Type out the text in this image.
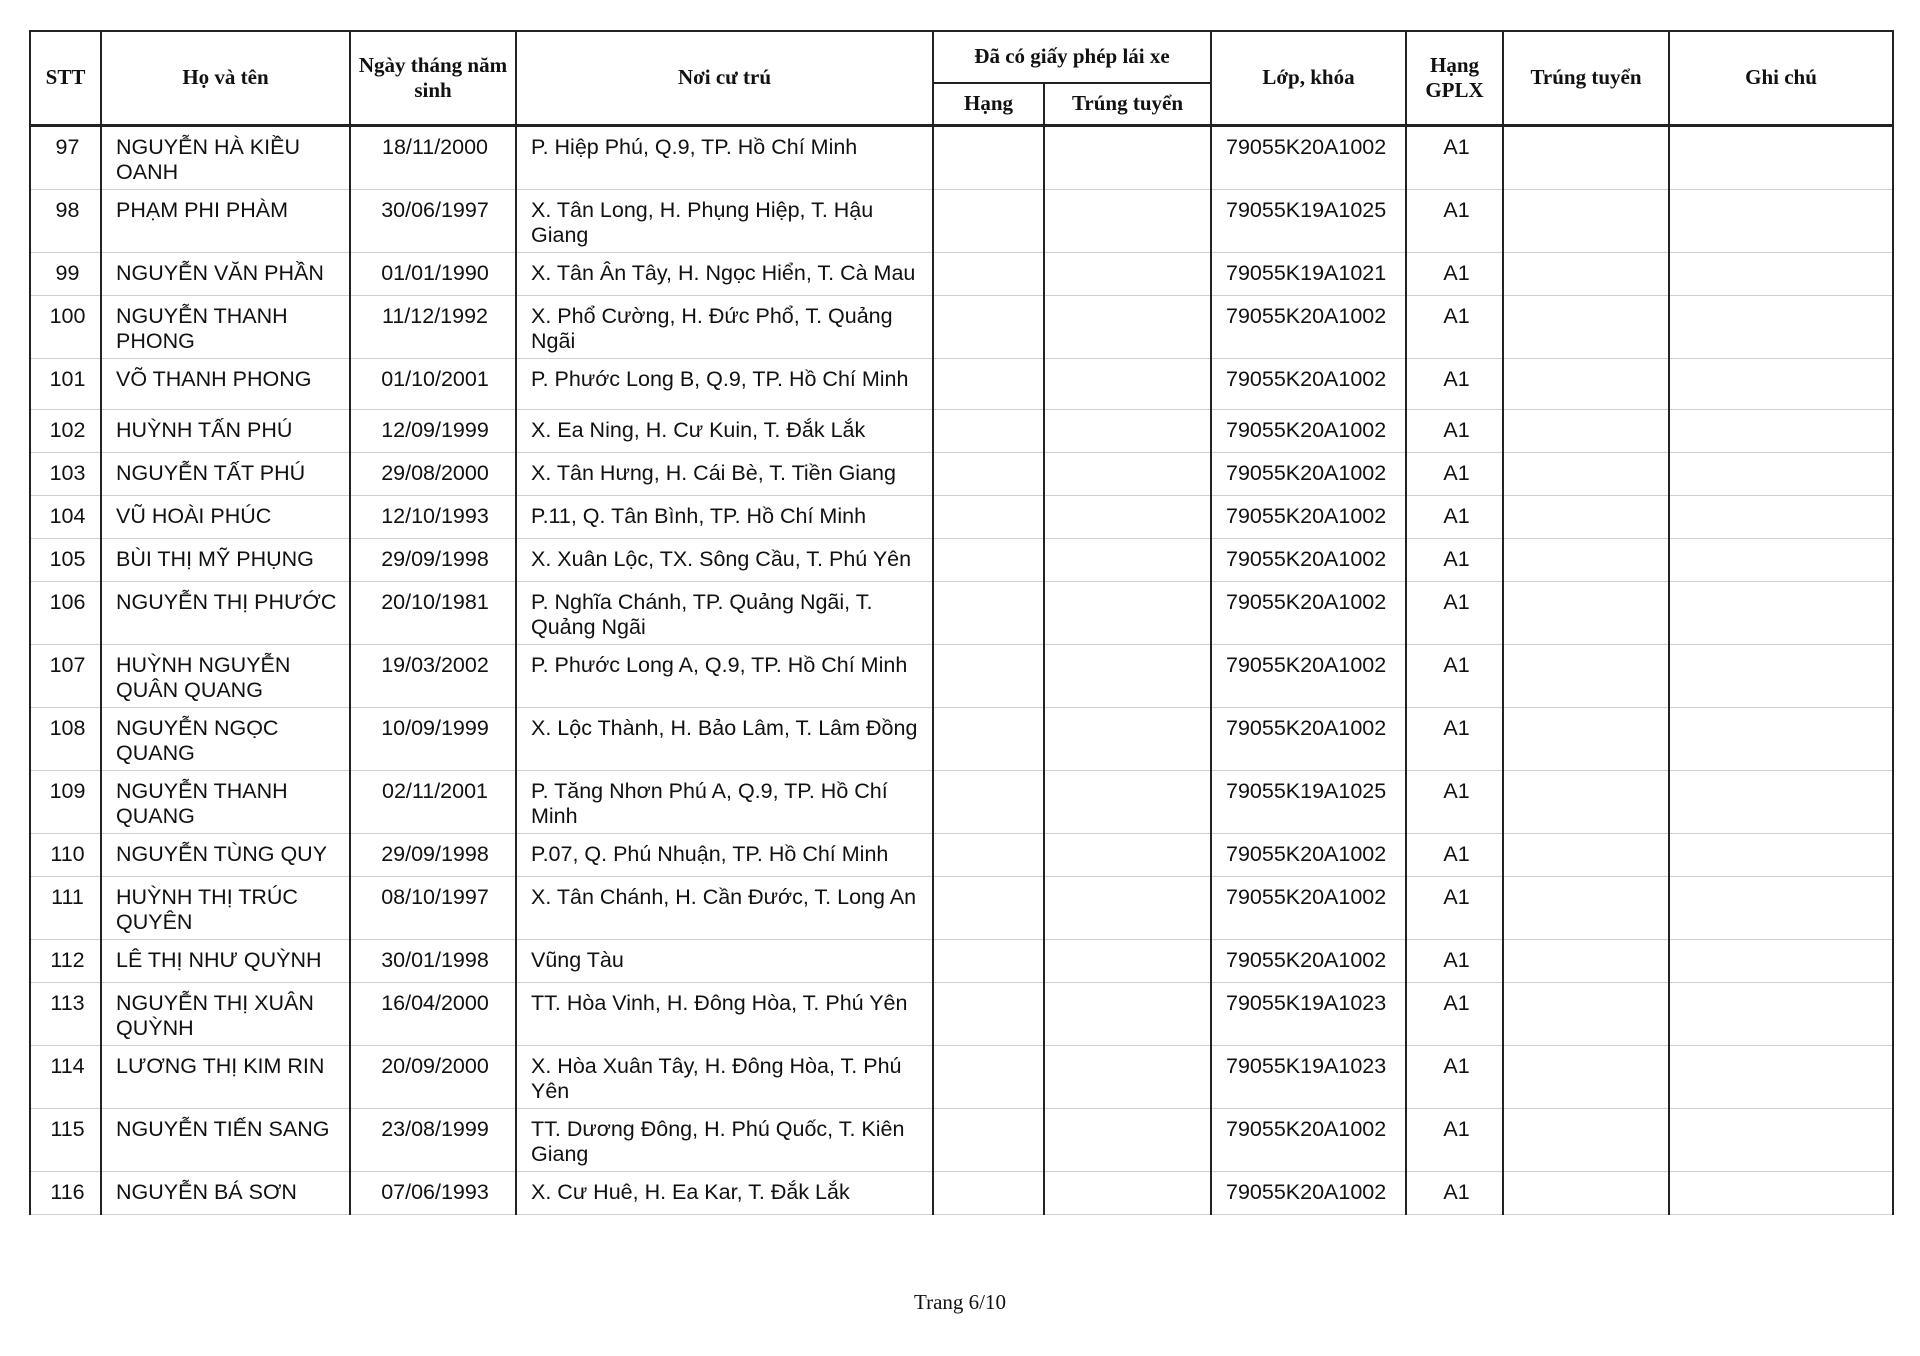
STT	Họ và tên	Ngày tháng năm sinh	Nơi cư trú	Đã có giấy phép lái xe		Lớp, khóa	Hạng GPLX	Trúng tuyển	Ghi chú
				Hạng	Trúng tuyển				
97	NGUYỄN HÀ KIỀU OANH	18/11/2000	P. Hiệp Phú, Q.9, TP. Hồ Chí Minh			79055K20A1002	A1		
98	PHẠM PHI PHÀM	30/06/1997	X. Tân Long, H. Phụng Hiệp, T. Hậu Giang			79055K19A1025	A1		
99	NGUYỄN VĂN PHẦN	01/01/1990	X. Tân Ân Tây, H. Ngọc Hiển, T. Cà Mau			79055K19A1021	A1		
100	NGUYỄN THANH PHONG	11/12/1992	X. Phổ Cường, H. Đức Phổ, T. Quảng Ngãi			79055K20A1002	A1		
101	VÕ THANH PHONG	01/10/2001	P. Phước Long B, Q.9, TP. Hồ Chí Minh			79055K20A1002	A1		
102	HUỲNH TẤN PHÚ	12/09/1999	X. Ea Ning, H. Cư Kuin, T. Đắk Lắk			79055K20A1002	A1		
103	NGUYỄN TẤT PHÚ	29/08/2000	X. Tân Hưng, H. Cái Bè, T. Tiền Giang			79055K20A1002	A1		
104	VŨ HOÀI PHÚC	12/10/1993	P.11, Q. Tân Bình, TP. Hồ Chí Minh			79055K20A1002	A1		
105	BÙI THỊ MỸ PHỤNG	29/09/1998	X. Xuân Lộc, TX. Sông Cầu, T. Phú Yên			79055K20A1002	A1		
106	NGUYỄN THỊ PHƯỚC	20/10/1981	P. Nghĩa Chánh, TP. Quảng Ngãi, T. Quảng Ngãi			79055K20A1002	A1		
107	HUỲNH NGUYỄN QUÂN QUANG	19/03/2002	P. Phước Long A, Q.9, TP. Hồ Chí Minh			79055K20A1002	A1		
108	NGUYỄN NGỌC QUANG	10/09/1999	X. Lộc Thành, H. Bảo Lâm, T. Lâm Đồng			79055K20A1002	A1		
109	NGUYỄN THANH QUANG	02/11/2001	P. Tăng Nhơn Phú A, Q.9, TP. Hồ Chí Minh			79055K19A1025	A1		
110	NGUYỄN TÙNG QUY	29/09/1998	P.07, Q. Phú Nhuận, TP. Hồ Chí Minh			79055K20A1002	A1		
111	HUỲNH THỊ TRÚC QUYÊN	08/10/1997	X. Tân Chánh, H. Cần Đước, T. Long An			79055K20A1002	A1		
112	LÊ THỊ NHƯ QUỲNH	30/01/1998	Vũng Tàu			79055K20A1002	A1		
113	NGUYỄN THỊ XUÂN QUỲNH	16/04/2000	TT. Hòa Vinh, H. Đông Hòa, T. Phú Yên			79055K19A1023	A1		
114	LƯƠNG THỊ KIM RIN	20/09/2000	X. Hòa Xuân Tây, H. Đông Hòa, T. Phú Yên			79055K19A1023	A1		
115	NGUYỄN TIẾN SANG	23/08/1999	TT. Dương Đông, H. Phú Quốc, T. Kiên Giang			79055K20A1002	A1		
116	NGUYỄN BÁ SƠN	07/06/1993	X. Cư Huê, H. Ea Kar, T. Đắk Lắk			79055K20A1002	A1		
Trang 6/10
